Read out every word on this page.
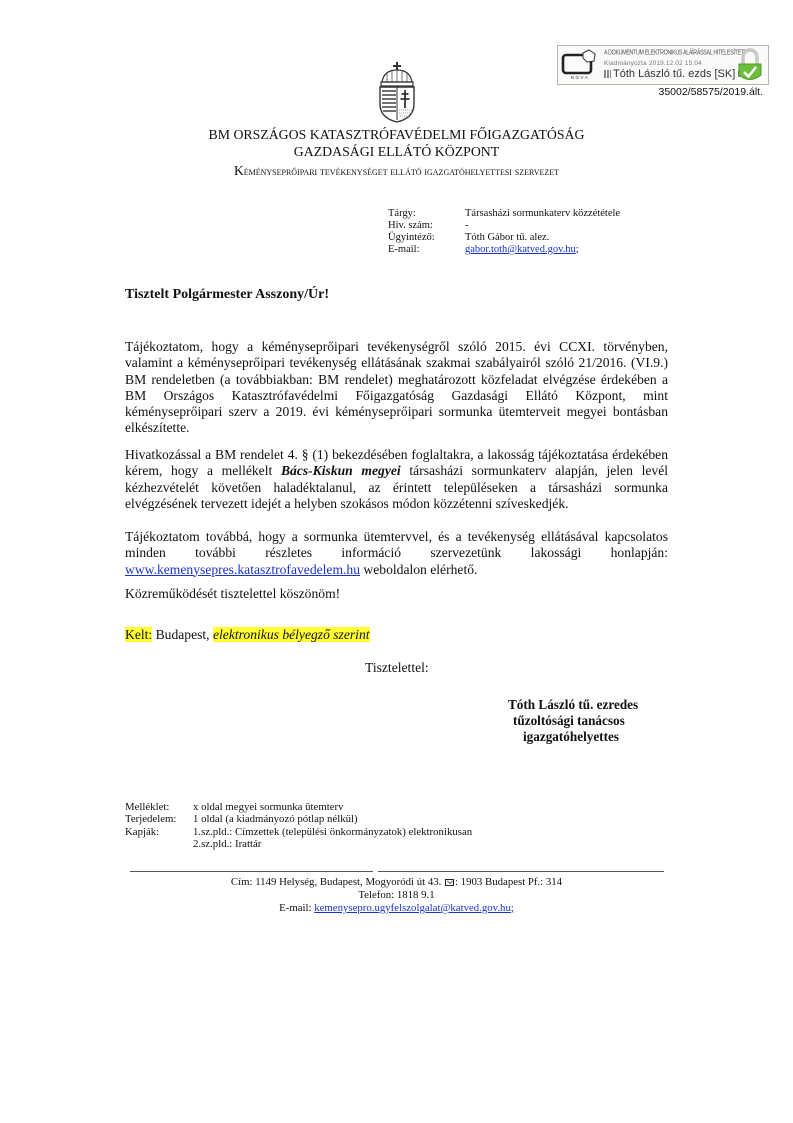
NOVA
A DOKUMENTUM ELEKTRONIKUS ALÁÍRÁSSAL HITELESÍTETT
Kiadmányozta 2019.12.02 15:04
Tóth László tű. ezds [SK]
35002/58575/2019.ált.
BM ORSZÁGOS KATASZTRÓFAVÉDELMI FŐIGAZGATÓSÁG
GAZDASÁGI ELLÁTÓ KÖZPONT
Kéményseprőipari tevékenységet ellátó igazgatóhelyettesi szervezet
Tárgy:	Társasházi sormunkaterv közzététele
Hiv. szám:	-
Ügyintéző:	Tóth Gábor tű. alez.
E-mail:	gabor.toth@katved.gov.hu;
Tisztelt Polgármester Asszony/Úr!
Tájékoztatom, hogy a kéményseprőipari tevékenységről szóló 2015. évi CCXI. törvényben, valamint a kéményseprőipari tevékenység ellátásának szakmai szabályairól szóló 21/2016. (VI.9.) BM rendeletben (a továbbiakban: BM rendelet) meghatározott közfeladat elvégzése érdekében a BM Országos Katasztrófavédelmi Főigazgatóság Gazdasági Ellátó Központ, mint kéményseprőipari szerv a 2019. évi kéményseprőipari sormunka ütemterveit megyei bontásban elkészítette.
Hivatkozással a BM rendelet 4. § (1) bekezdésében foglaltakra, a lakosság tájékoztatása érdekében kérem, hogy a mellékelt Bács-Kiskun megyei társasházi sormunkaterv alapján, jelen levél kézhezvételét követően haladéktalanul, az érintett településeken a társasházi sormunka elvégzésének tervezett idejét a helyben szokásos módon közzétenni szíveskedjék.
Tájékoztatom továbbá, hogy a sormunka ütemtervvel, és a tevékenység ellátásával kapcsolatos minden további részletes információ szervezetünk lakossági honlapján: www.kemenysepres.katasztrofavedelem.hu weboldalon elérhető.
Közreműködését tisztelettel köszönöm!
Kelt: Budapest, elektronikus bélyegző szerint
Tisztelettel:
Tóth László tű. ezredes
tűzoltósági tanácsos
igazgatóhelyettes
Melléklet:	x oldal megyei sormunka ütemterv
Terjedelem:	1 oldal (a kiadmányozó pótlap nélkül)
Kapják:	1.sz.pld.: Címzettek (települési önkormányzatok) elektronikusan
2.sz.pld.: Irattár
Cím: 1149 Helység, Budapest, Mogyoródi út 43. : 1903 Budapest Pf.: 314
Telefon: 1818 9.1
E-mail: kemenysepro.ugyfelszolgalat@katved.gov.hu;
